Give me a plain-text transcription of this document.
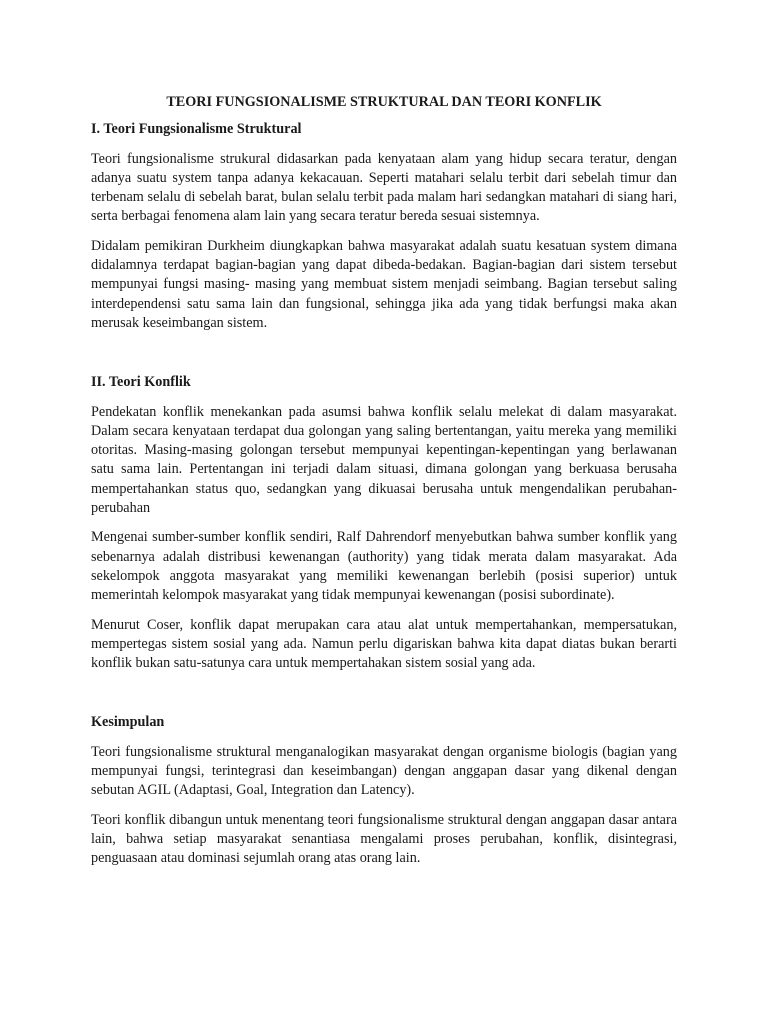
TEORI FUNGSIONALISME STRUKTURAL DAN TEORI KONFLIK
I. Teori Fungsionalisme Struktural

Teori fungsionalisme strukural didasarkan pada kenyataan alam yang hidup secara teratur, dengan adanya suatu system tanpa adanya kekacauan. Seperti matahari selalu terbit dari sebelah timur dan terbenam selalu di sebelah barat, bulan selalu terbit pada malam hari sedangkan matahari di siang hari, serta berbagai fenomena alam lain yang secara teratur bereda sesuai sistemnya.

Didalam pemikiran Durkheim diungkapkan bahwa masyarakat adalah suatu kesatuan system dimana didalamnya terdapat bagian-bagian yang dapat dibeda-bedakan. Bagian-bagian dari sistem tersebut mempunyai fungsi masing- masing yang membuat sistem menjadi seimbang. Bagian tersebut saling interdependensi satu sama lain dan fungsional, sehingga jika ada yang tidak berfungsi maka akan merusak keseimbangan sistem.

II. Teori Konflik

Pendekatan konflik menekankan pada asumsi bahwa konflik selalu melekat di dalam masyarakat. Dalam secara kenyataan terdapat dua golongan yang saling bertentangan, yaitu mereka yang memiliki otoritas. Masing-masing golongan tersebut mempunyai kepentingan-kepentingan yang berlawanan satu sama lain. Pertentangan ini terjadi dalam situasi, dimana golongan yang berkuasa berusaha mempertahankan status quo, sedangkan yang dikuasai berusaha untuk mengendalikan perubahan- perubahan

Mengenai sumber-sumber konflik sendiri, Ralf Dahrendorf menyebutkan bahwa sumber konflik yang sebenarnya adalah distribusi kewenangan (authority) yang tidak merata dalam masyarakat. Ada sekelompok anggota masyarakat yang memiliki kewenangan berlebih (posisi superior) untuk memerintah kelompok masyarakat yang tidak mempunyai kewenangan (posisi subordinate).

Menurut Coser, konflik dapat merupakan cara atau alat untuk mempertahankan, mempersatukan, mempertegas sistem sosial yang ada. Namun perlu digariskan bahwa kita dapat diatas bukan berarti konflik bukan satu-satunya cara untuk mempertahakan sistem sosial yang ada.

Kesimpulan

Teori fungsionalisme struktural menganalogikan masyarakat dengan organisme biologis (bagian yang mempunyai fungsi, terintegrasi dan keseimbangan) dengan anggapan dasar yang dikenal dengan sebutan AGIL (Adaptasi, Goal, Integration dan Latency).

Teori konflik dibangun untuk menentang teori fungsionalisme struktural dengan anggapan dasar antara lain, bahwa setiap masyarakat senantiasa mengalami proses perubahan, konflik, disintegrasi, penguasaan atau dominasi sejumlah orang atas orang lain.
